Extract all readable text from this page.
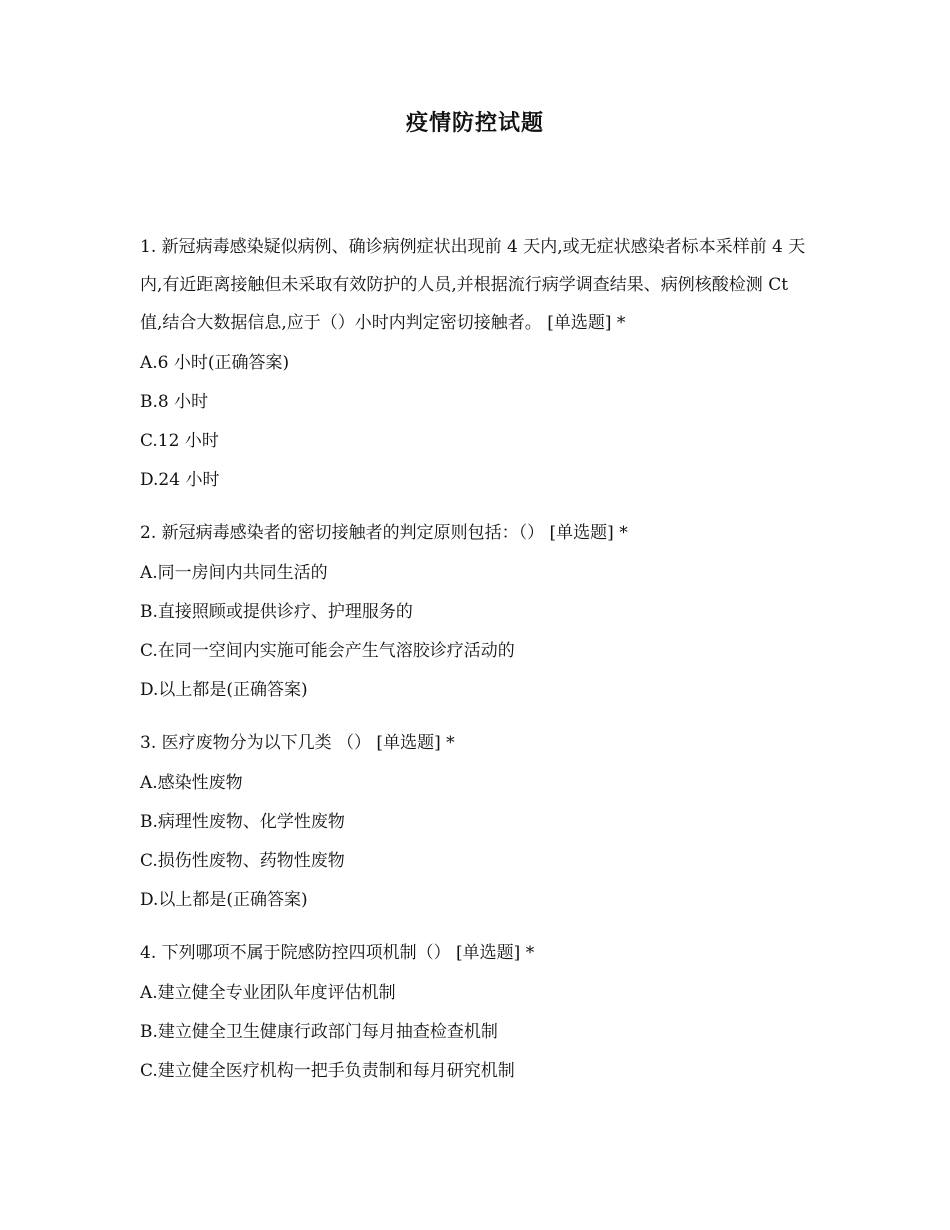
疫情防控试题

1. 新冠病毒感染疑似病例、确诊病例症状出现前 4 天内,或无症状感染者标本采样前 4 天内,有近距离接触但未采取有效防护的人员,并根据流行病学调查结果、病例核酸检测 Ct 值,结合大数据信息,应于（）小时内判定密切接触者。 [单选题] *

A.6 小时(正确答案)

B.8 小时

C.12 小时

D.24 小时

2. 新冠病毒感染者的密切接触者的判定原则包括：（） [单选题] *

A.同一房间内共同生活的

B.直接照顾或提供诊疗、护理服务的

C.在同一空间内实施可能会产生气溶胶诊疗活动的

D.以上都是(正确答案)

3. 医疗废物分为以下几类 （） [单选题] *

A.感染性废物

B.病理性废物、化学性废物

C.损伤性废物、药物性废物

D.以上都是(正确答案)

4. 下列哪项不属于院感防控四项机制（） [单选题] *

A.建立健全专业团队年度评估机制

B.建立健全卫生健康行政部门每月抽查检查机制

C.建立健全医疗机构一把手负责制和每月研究机制
